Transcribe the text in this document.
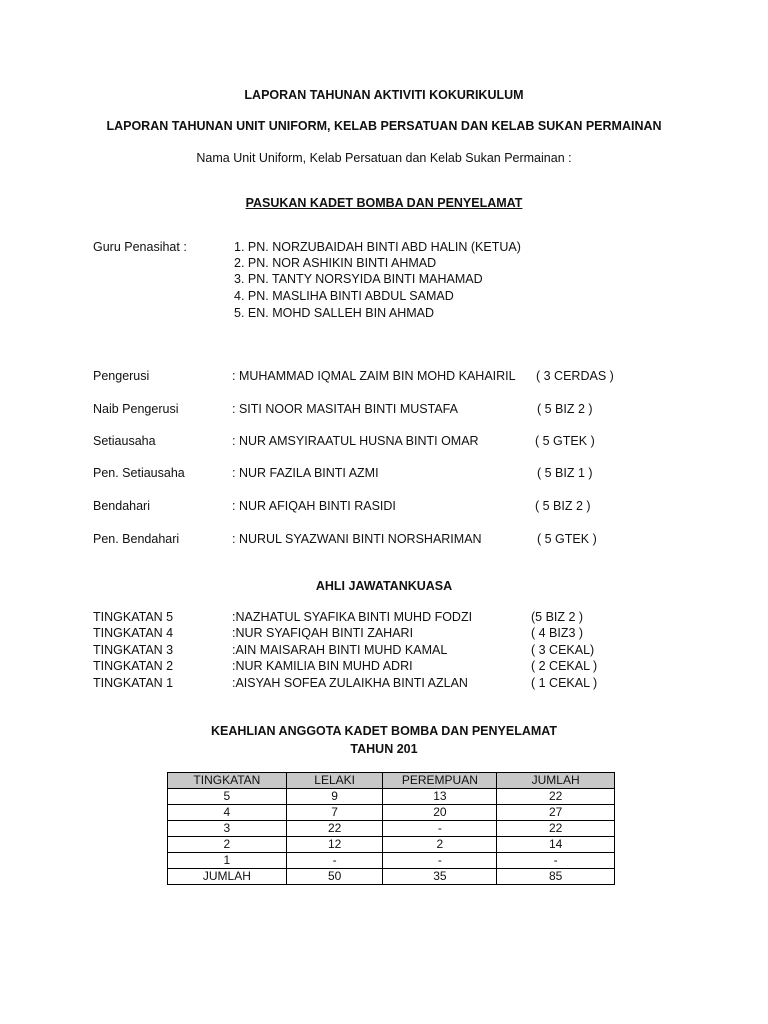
LAPORAN TAHUNAN AKTIVITI KOKURIKULUM
LAPORAN TAHUNAN UNIT UNIFORM, KELAB PERSATUAN DAN KELAB SUKAN PERMAINAN
Nama Unit Uniform, Kelab Persatuan dan Kelab Sukan Permainan :
PASUKAN KADET BOMBA DAN PENYELAMAT
Guru Penasihat :	1. PN. NORZUBAIDAH BINTI ABD HALIN (KETUA)
2. PN. NOR ASHIKIN BINTI AHMAD
3. PN. TANTY NORSYIDA BINTI MAHAMAD
4. PN. MASLIHA BINTI ABDUL SAMAD
5. EN. MOHD SALLEH BIN AHMAD
Pengerusi	: MUHAMMAD IQMAL ZAIM BIN MOHD KAHAIRIL ( 3 CERDAS )
Naib Pengerusi	: SITI NOOR MASITAH BINTI MUSTAFA	( 5 BIZ 2 )
Setiausaha	: NUR AMSYIRAATUL HUSNA BINTI OMAR	( 5 GTEK )
Pen. Setiausaha	: NUR FAZILA BINTI AZMI	( 5 BIZ 1 )
Bendahari	: NUR AFIQAH BINTI RASIDI	( 5 BIZ 2 )
Pen. Bendahari	: NURUL SYAZWANI BINTI NORSHARIMAN	( 5 GTEK )
AHLI JAWATANKUASA
TINGKATAN 5	:NAZHATUL SYAFIKA BINTI MUHD FODZI	(5 BIZ 2 )
TINGKATAN 4	:NUR SYAFIQAH BINTI ZAHARI	( 4 BIZ3 )
TINGKATAN 3	:AIN MAISARAH BINTI MUHD KAMAL	( 3 CEKAL)
TINGKATAN 2	:NUR KAMILIA BIN MUHD ADRI	( 2 CEKAL )
TINGKATAN 1	:AISYAH SOFEA ZULAIKHA BINTI AZLAN	( 1 CEKAL )
KEAHLIAN ANGGOTA KADET BOMBA DAN PENYELAMAT
TAHUN 201
TINGKATAN	LELAKI	PEREMPUAN	JUMLAH
5	9	13	22
4	7	20	27
3	22	-	22
2	12	2	14
1	-	-	-
JUMLAH	50	35	85
